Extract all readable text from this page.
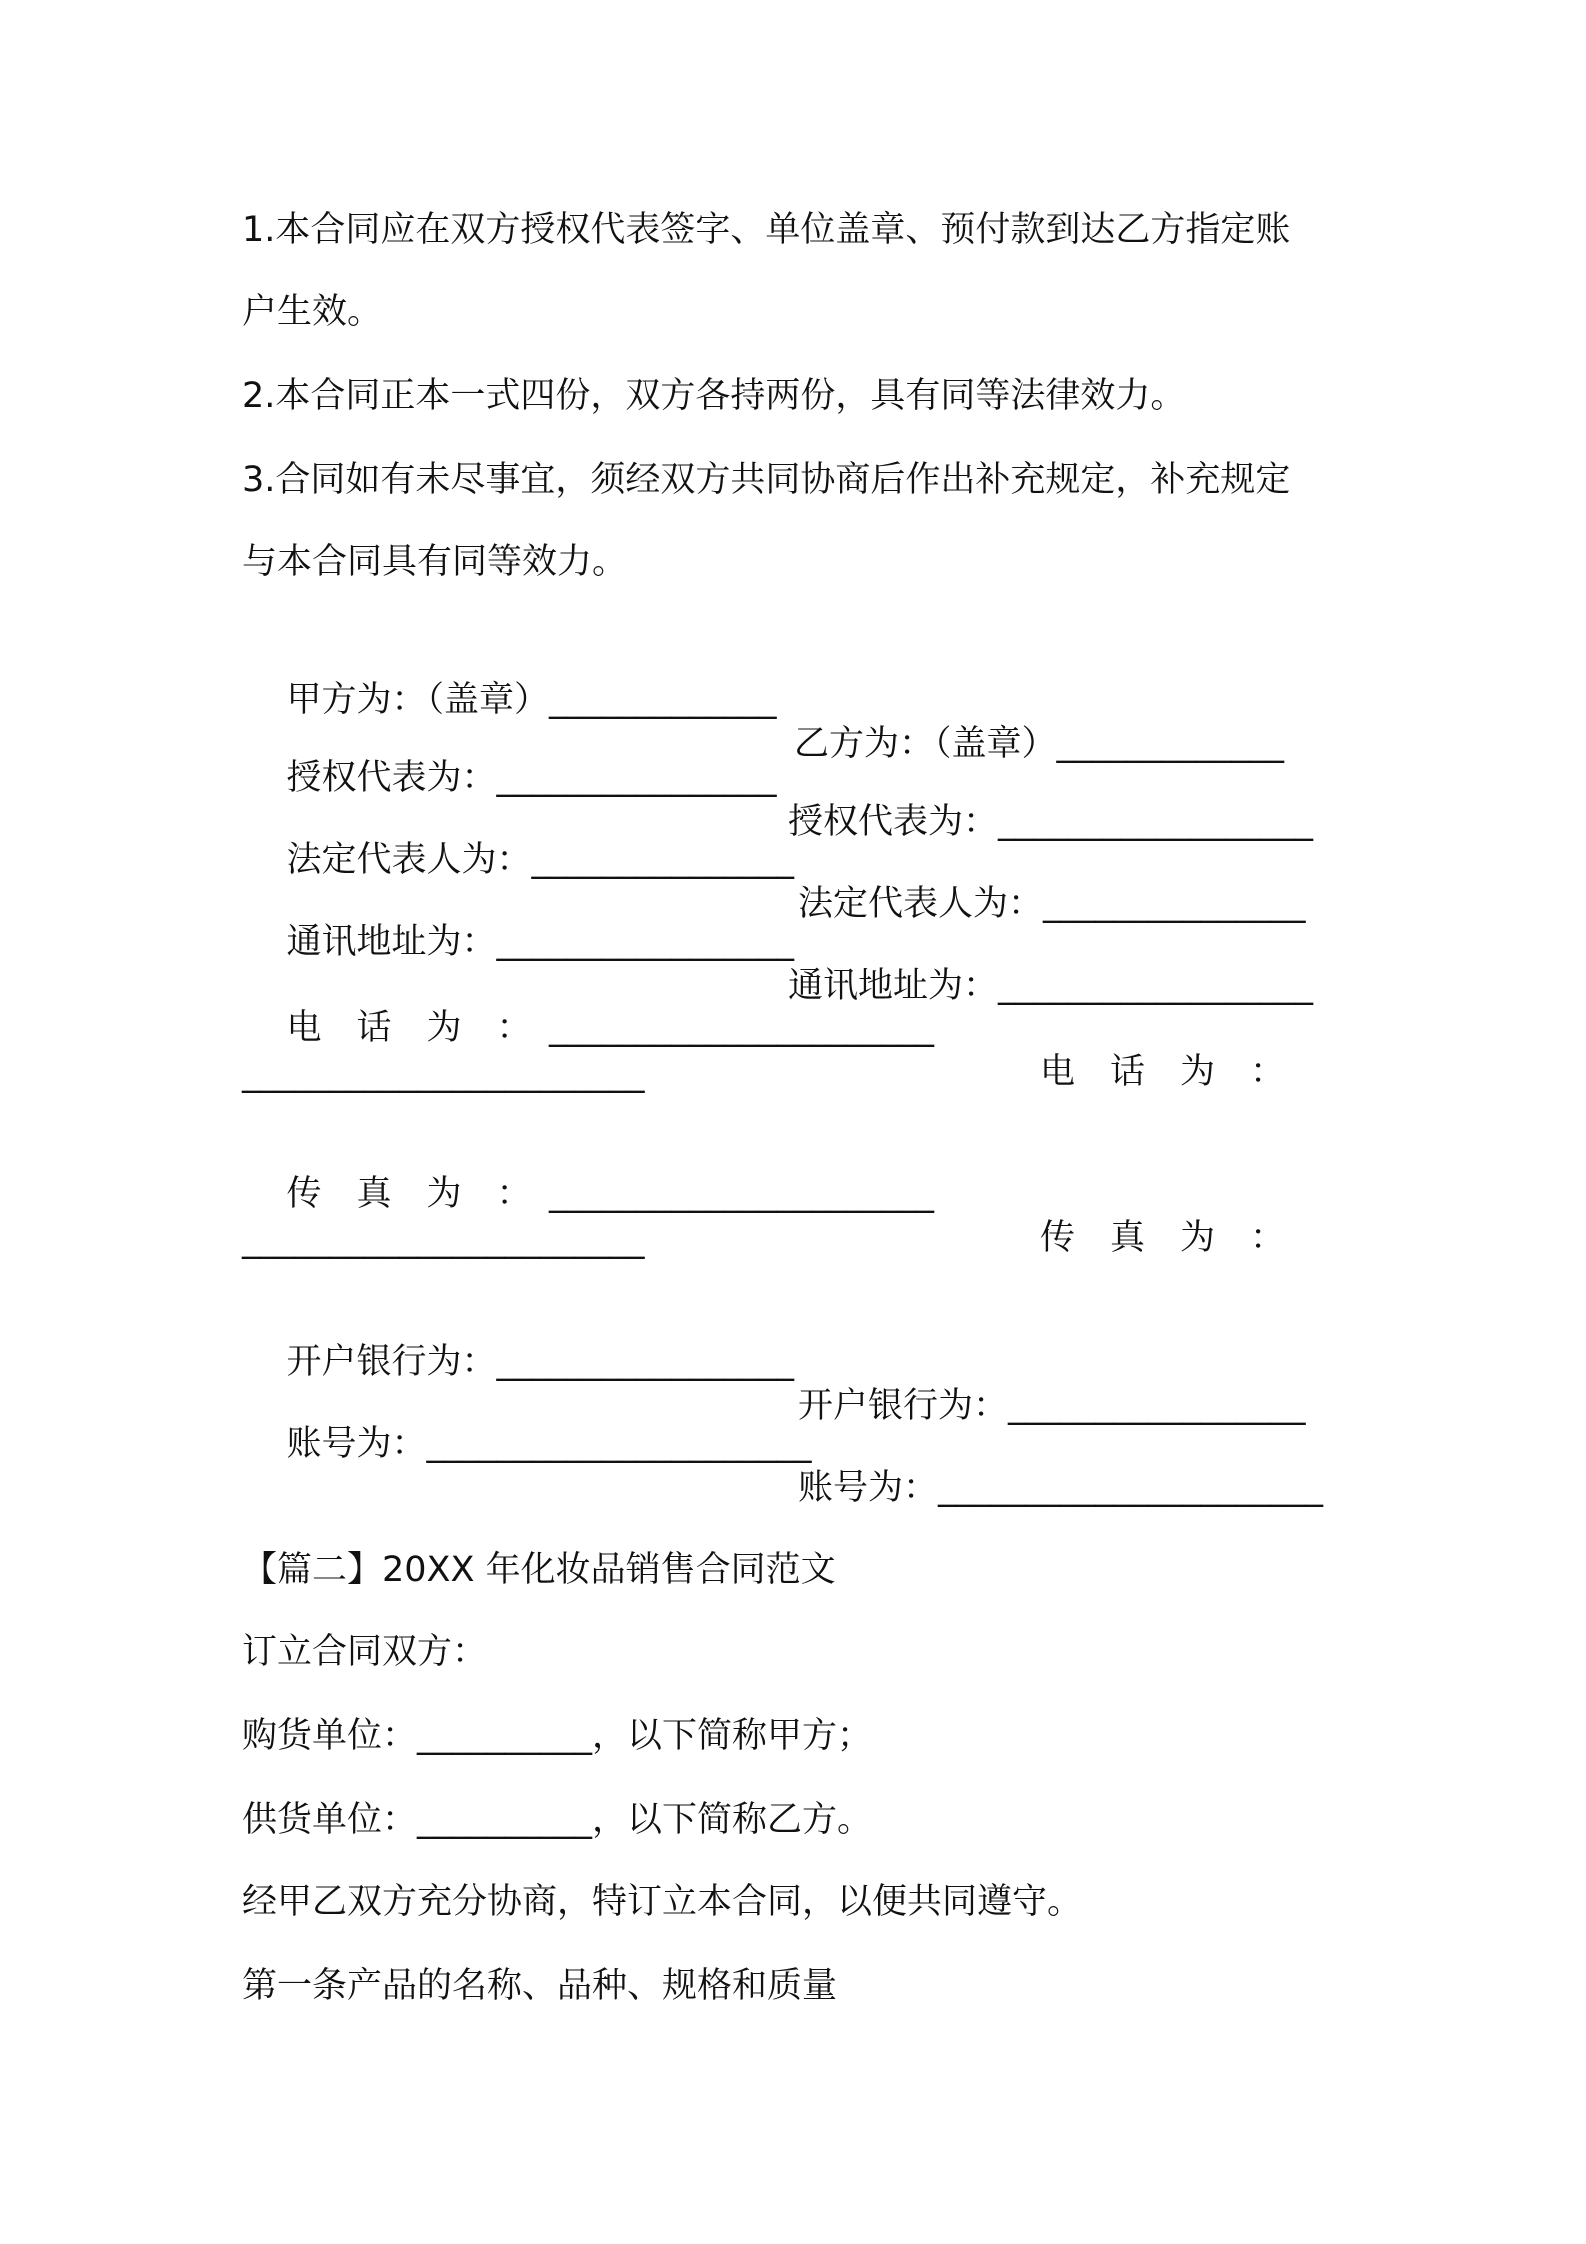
1.本合同应在双方授权代表签字、单位盖章、预付款到达乙方指定账
户生效。
2.本合同正本一式四份，双方各持两份，具有同等法律效力。
3.合同如有未尽事宜，须经双方共同协商后作出补充规定，补充规定
与本合同具有同等效力。

甲方为：（盖章）_____________

乙方为：（盖章）_____________

授权代表为：________________

授权代表为：__________________

法定代表人为：_______________

法定代表人为：_______________

通讯地址为：_________________

通讯地址为：__________________

电　话　为　：　______________________

电　话　为　：

_______________________

传　真　为　：　______________________

传　真　为　：

_______________________

开户银行为：_________________

开户银行为：_________________

账号为：______________________

账号为：______________________

【篇二】20XX 年化妆品销售合同范文
订立合同双方：
购货单位：__________，以下简称甲方；
供货单位：__________，以下简称乙方。
经甲乙双方充分协商，特订立本合同，以便共同遵守。
第一条产品的名称、品种、规格和质量
